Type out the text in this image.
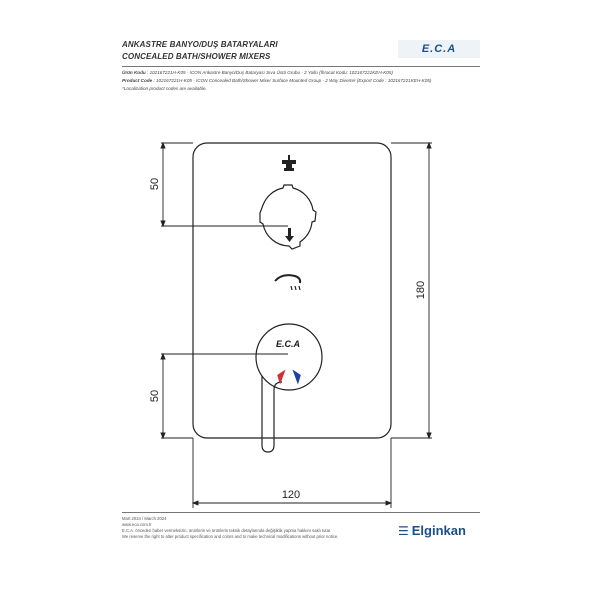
ANKASTRE BANYO/DUŞ BATARYALARI
CONCEALED BATH/SHOWER MIXERS
E.C.A
Ürün Kodu : 102167221H-K05 - ICON Ankastre Banyo/Duş Bataryası Sıva Üstü Grubu - 2 Yollu (İhracat Kodu: 102167221KEH-K05)
Product Code : 102167221H-K05 - ICON Concealed Bath/Shower Mixer Surface Mounted Group - 2 Way Diverter (Export Code : 102167221KEH-K05)
*Localization product codes are available.
E.C.A
50
50
180
120
Mart 2024 / March 2024
www.eca.com.tr
E.C.A. önceden haber vermeksizin, ürünlerin ve ürünlerin teknik detaylarında değişiklik yapma hakkını saklı tutar.
We reserve the right to alter product specification and colors and to make technical modifications without prior notice.	☰ Elginkan
